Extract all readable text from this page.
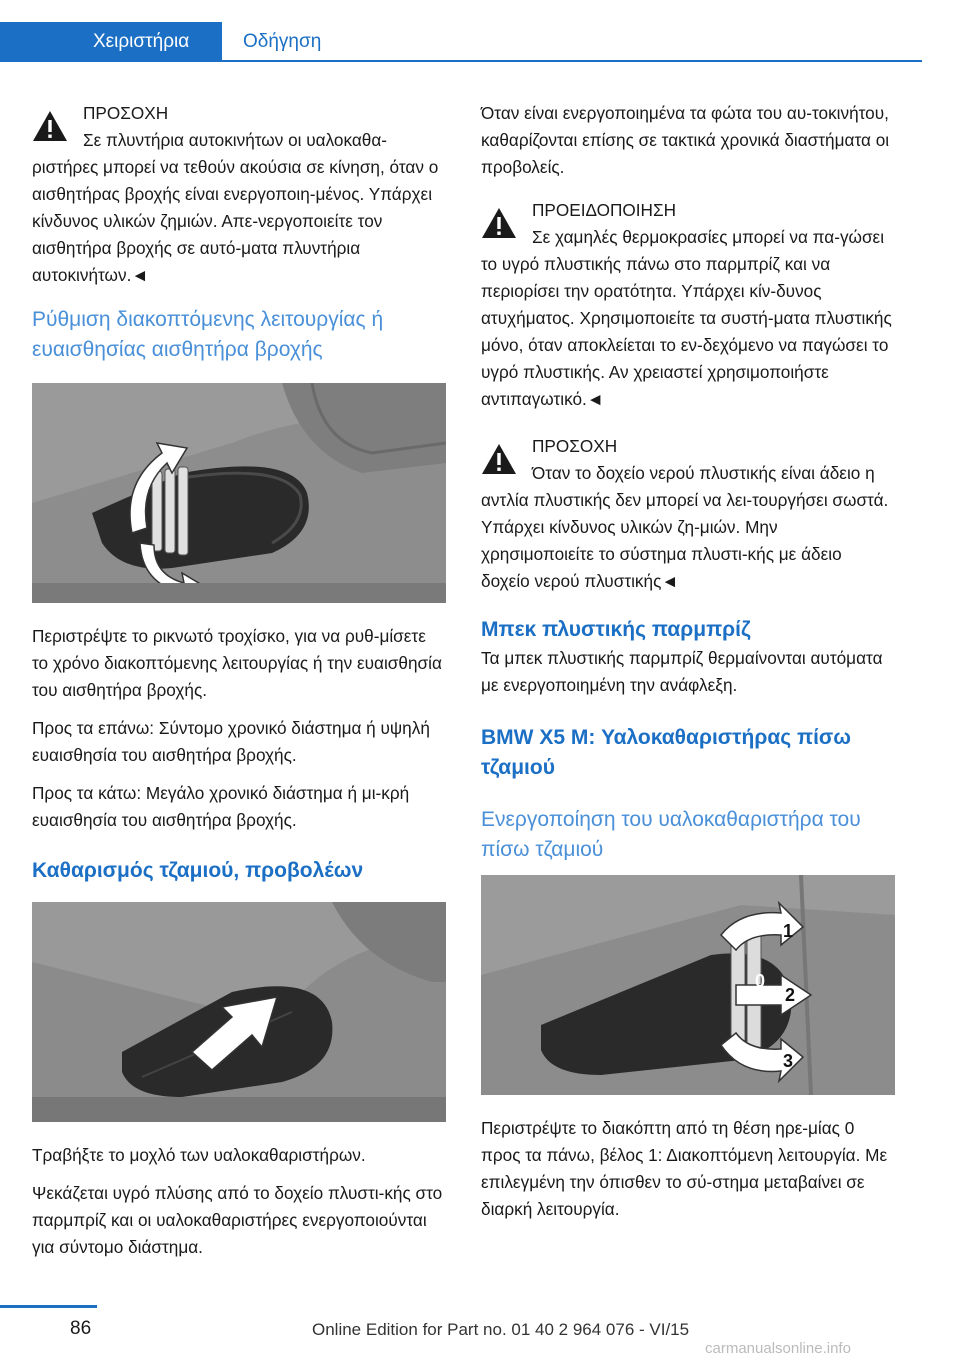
Χειριστήρια	Οδήγηση
ΠΡΟΣΟΧΗ

Σε πλυντήρια αυτοκινήτων οι υαλοκαθα-ριστήρες μπορεί να τεθούν ακούσια σε κίνηση, όταν ο αισθητήρας βροχής είναι ενεργοποιη-μένος. Υπάρχει κίνδυνος υλικών ζημιών. Απε-νεργοποιείτε τον αισθητήρα βροχής σε αυτό-ματα πλυντήρια αυτοκινήτων.◄

Ρύθμιση διακοπτόμενης λειτουργίας ή ευαισθησίας αισθητήρα βροχής

Περιστρέψτε το ρικνωτό τροχίσκο, για να ρυθ-μίσετε το χρόνο διακοπτόμενης λειτουργίας ή την ευαισθησία του αισθητήρα βροχής.

Προς τα επάνω: Σύντομο χρονικό διάστημα ή υψηλή ευαισθησία του αισθητήρα βροχής.

Προς τα κάτω: Μεγάλο χρονικό διάστημα ή μι-κρή ευαισθησία του αισθητήρα βροχής.

Καθαρισμός τζαμιού, προβολέων

Τραβήξτε το μοχλό των υαλοκαθαριστήρων.

Ψεκάζεται υγρό πλύσης από το δοχείο πλυστι-κής στο παρμπρίζ και οι υαλοκαθαριστήρες ενεργοποιούνται για σύντομο διάστημα.

Όταν είναι ενεργοποιημένα τα φώτα του αυ-τοκινήτου, καθαρίζονται επίσης σε τακτικά χρονικά διαστήματα οι προβολείς.

ΠΡΟΕΙΔΟΠΟΙΗΣΗ

Σε χαμηλές θερμοκρασίες μπορεί να πα-γώσει το υγρό πλυστικής πάνω στο παρμπρίζ και να περιορίσει την ορατότητα. Υπάρχει κίν-δυνος ατυχήματος. Χρησιμοποιείτε τα συστή-ματα πλυστικής μόνο, όταν αποκλείεται το εν-δεχόμενο να παγώσει το υγρό πλυστικής. Αν χρειαστεί χρησιμοποιήστε αντιπαγωτικό.◄

ΠΡΟΣΟΧΗ

Όταν το δοχείο νερού πλυστικής είναι άδειο η αντλία πλυστικής δεν μπορεί να λει-τουργήσει σωστά. Υπάρχει κίνδυνος υλικών ζη-μιών. Μην χρησιμοποιείτε το σύστημα πλυστι-κής με άδειο δοχείο νερού πλυστικής◄

Μπεκ πλυστικής παρμπρίζ

Τα μπεκ πλυστικής παρμπρίζ θερμαίνονται αυτόματα με ενεργοποιημένη την ανάφλεξη.

BMW X5 M: Υαλοκαθαριστήρας πίσω τζαμιού
Ενεργοποίηση του υαλοκαθαριστήρα του πίσω τζαμιού
1
0
2
3

Περιστρέψτε το διακόπτη από τη θέση ηρε-μίας 0 προς τα πάνω, βέλος 1: Διακοπτόμενη λειτουργία. Με επιλεγμένη την όπισθεν το σύ-στημα μεταβαίνει σε διαρκή λειτουργία.

86	Online Edition for Part no. 01 40 2 964 076 - VI/15
carmanualsonline.info
